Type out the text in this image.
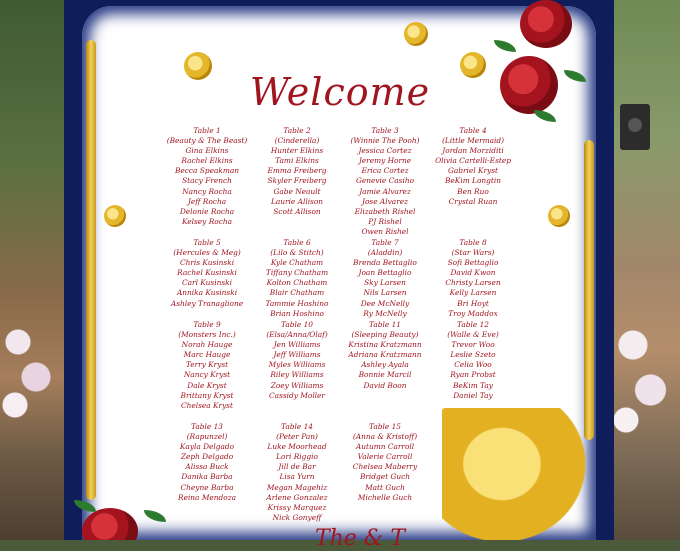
Welcome
Table 1
(Beauty & The Beast)
Gina Elkins
Rachel Elkins
Becca Speakman
Stacy French
Nancy Rocha
Jeff Rocha
Delonie Rocha
Kelsey Rocha
Table 2
(Cinderella)
Hunter Elkins
Tami Elkins
Emma Freiberg
Skyler Freiberg
Gabe Neault
Laurie Allison
Scott Allison
Table 3
(Winnie The Pooh)
Jessica Cortez
Jeremy Horne
Erica Cortez
Genevie Casiho
Jamie Alvarez
Jose Alvarez
Elizabeth Rishel
PJ Rishel
Owen Rishel
Table 4
(Little Mermaid)
Jordan Morziditi
Olivia Cartelli-Estep
Gabriel Kryst
BeKim Longtin
Ben Ruo
Crystal Ruan
Table 5
(Hercules & Meg)
Chris Kusinski
Rachel Kusinski
Carl Kusinski
Annika Kusinski
Ashley Tranaglione
Table 6
(Lilo & Stitch)
Kyle Chatham
Tiffany Chatham
Kolton Chatham
Blair Chatham
Tammie Hoshino
Brian Hoshino
Table 7
(Aladdin)
Brenda Bettaglio
Joan Bettaglio
Sky Larsen
Nils Larsen
Dee McNelly
Ry McNelly
Table 8
(Star Wars)
Sofi Bettaglio
David Kwon
Christy Larsen
Kelly Larsen
Bri Hoyt
Troy Maddox
Table 9
(Monsters Inc.)
Norah Hauge
Marc Hauge
Terry Kryst
Nancy Kryst
Dale Kryst
Brittany Kryst
Chelsea Kryst
Table 10
(Elsa/Anna/Olaf)
Jen Williams
Jeff Williams
Myles Williams
Riley Williams
Zoey Williams
Cassidy Moller
Table 11
(Sleeping Beauty)
Kristina Kratzmann
Adriana Kratzmann
Ashley Ayala
Bonnie Marcil
David Boon
Table 12
(Walle & Eve)
Trevor Woo
Leslie Szeto
Celia Woo
Ryan Probst
BeKim Tay
Daniel Tay
Table 13
(Rapunzel)
Kayla Delgado
Zeph Delgado
Alissa Buck
Danika Barba
Cheyne Barba
Reina Mendoza
Table 14
(Peter Pan)
Luke Moorhead
Lori Riggio
Jill de Bar
Lisa Yurn
Megan Magehiz
Arlene Gonzalez
Krissy Marquez
Nick Gonyeff
Table 15
(Anna & Kristoff)
Autumn Carroll
Valerie Carroll
Chelsea Maberry
Bridget Guch
Matt Guch
Michelle Guch
The & T
